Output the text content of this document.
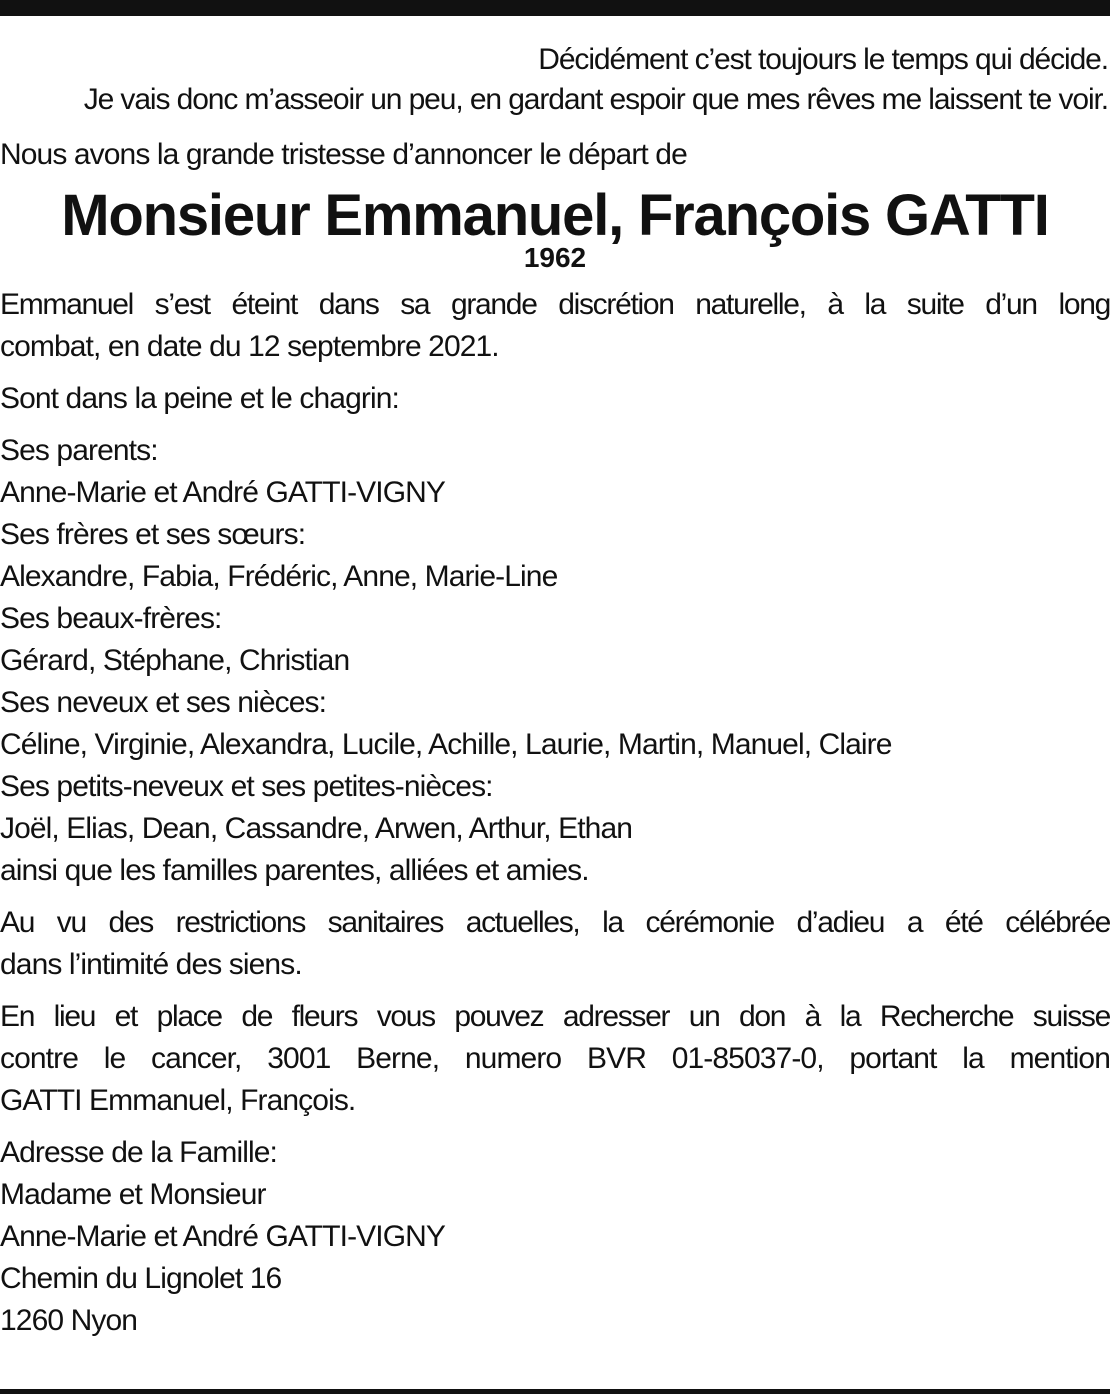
Décidément c’est toujours le temps qui décide.
Je vais donc m’asseoir un peu, en gardant espoir que mes rêves me laissent te voir.
Nous avons la grande tristesse d’annoncer le départ de
Monsieur Emmanuel, François GATTI
1962
Emmanuel s’est éteint dans sa grande discrétion naturelle, à la suite d’un long
combat, en date du 12 septembre 2021.
Sont dans la peine et le chagrin:
Ses parents:
Anne-Marie et André GATTI-VIGNY
Ses frères et ses sœurs:
Alexandre, Fabia, Frédéric, Anne, Marie-Line
Ses beaux-frères:
Gérard, Stéphane, Christian
Ses neveux et ses nièces:
Céline, Virginie, Alexandra, Lucile, Achille, Laurie, Martin, Manuel, Claire
Ses petits-neveux et ses petites-nièces:
Joël, Elias, Dean, Cassandre, Arwen, Arthur, Ethan
ainsi que les familles parentes, alliées et amies.
Au vu des restrictions sanitaires actuelles, la cérémonie d’adieu a été célébrée
dans l’intimité des siens.
En lieu et place de fleurs vous pouvez adresser un don à la Recherche suisse
contre le cancer, 3001 Berne, numero BVR 01-85037-0, portant la mention
GATTI Emmanuel, François.
Adresse de la Famille:
Madame et Monsieur
Anne-Marie et André GATTI-VIGNY
Chemin du Lignolet 16
1260 Nyon
